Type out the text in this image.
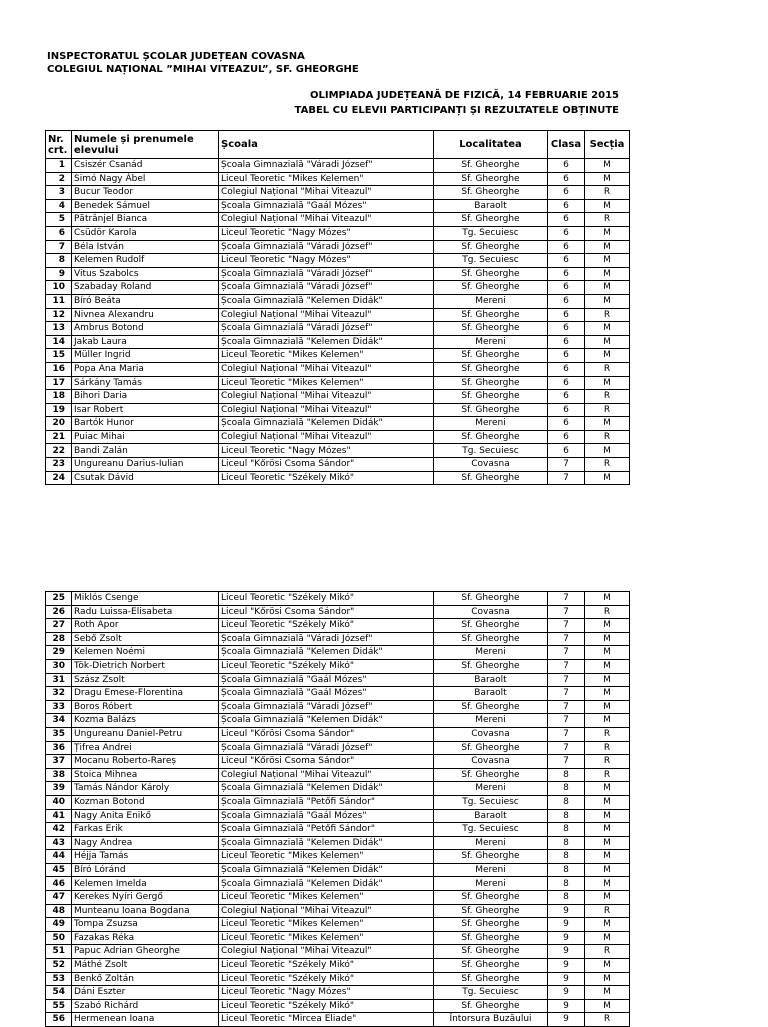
INSPECTORATUL ȘCOLAR JUDEȚEAN COVASNA
COLEGIUL NAȚIONAL ”MIHAI VITEAZUL”, SF. GHEORGHE
OLIMPIADA JUDEȚEANĂ DE FIZICĂ, 14 FEBRUARIE 2015
TABEL CU ELEVII PARTICIPANȚI ȘI REZULTATELE OBȚINUTE
Nr. crt.	Numele și prenumele elevului	Școala	Localitatea	Clasa	Secția
1	Csiszér Csanád	Școala Gimnazială "Váradi József"	Sf. Gheorghe	6	M
2	Simó Nagy Ábel	Liceul Teoretic "Mikes Kelemen"	Sf. Gheorghe	6	M
3	Bucur Teodor	Colegiul Național "Mihai Viteazul"	Sf. Gheorghe	6	R
4	Benedek Sámuel	Școala Gimnazială "Gaál Mózes"	Baraolt	6	M
5	Pătrânjel Bianca	Colegiul Național "Mihai Viteazul"	Sf. Gheorghe	6	R
6	Csüdör Karola	Liceul Teoretic "Nagy Mózes"	Tg. Secuiesc	6	M
7	Béla István	Școala Gimnazială "Váradi József"	Sf. Gheorghe	6	M
8	Kelemen Rudolf	Liceul Teoretic "Nagy Mózes"	Tg. Secuiesc	6	M
9	Vitus Szabolcs	Școala Gimnazială "Váradi József"	Sf. Gheorghe	6	M
10	Szabaday Roland	Școala Gimnazială "Váradi József"	Sf. Gheorghe	6	M
11	Bíró Beáta	Școala Gimnazială "Kelemen Didák"	Mereni	6	M
12	Nivnea Alexandru	Colegiul Național "Mihai Viteazul"	Sf. Gheorghe	6	R
13	Ambrus Botond	Școala Gimnazială "Váradi József"	Sf. Gheorghe	6	M
14	Jakab Laura	Școala Gimnazială "Kelemen Didák"	Mereni	6	M
15	Müller Ingrid	Liceul Teoretic "Mikes Kelemen"	Sf. Gheorghe	6	M
16	Popa Ana Maria	Colegiul Național "Mihai Viteazul"	Sf. Gheorghe	6	R
17	Sárkány Tamás	Liceul Teoretic "Mikes Kelemen"	Sf. Gheorghe	6	M
18	Bihori Daria	Colegiul Național "Mihai Viteazul"	Sf. Gheorghe	6	R
19	Isar Robert	Colegiul Național "Mihai Viteazul"	Sf. Gheorghe	6	R
20	Bartók Hunor	Școala Gimnazială "Kelemen Didák"	Mereni	6	M
21	Puiac Mihai	Colegiul Național "Mihai Viteazul"	Sf. Gheorghe	6	R
22	Bandi Zalán	Liceul Teoretic "Nagy Mózes"	Tg. Secuiesc	6	M
23	Ungureanu Darius-Iulian	Liceul "Kőrösi Csoma Sándor"	Covasna	7	R
24	Csutak Dávid	Liceul Teoretic "Székely Mikó"	Sf. Gheorghe	7	M
25	Miklós Csenge	Liceul Teoretic "Székely Mikó"	Sf. Gheorghe	7	M
26	Radu Luissa-Elisabeta	Liceul "Kőrösi Csoma Sándor"	Covasna	7	R
27	Roth Apor	Liceul Teoretic "Székely Mikó"	Sf. Gheorghe	7	M
28	Sebő Zsolt	Școala Gimnazială "Váradi József"	Sf. Gheorghe	7	M
29	Kelemen Noémi	Școala Gimnazială "Kelemen Didák"	Mereni	7	M
30	Tök-Dietrich Norbert	Liceul Teoretic "Székely Mikó"	Sf. Gheorghe	7	M
31	Szász Zsolt	Școala Gimnazială "Gaál Mózes"	Baraolt	7	M
32	Dragu Emese-Florentina	Școala Gimnazială "Gaál Mózes"	Baraolt	7	M
33	Boros Róbert	Școala Gimnazială "Váradi József"	Sf. Gheorghe	7	M
34	Kozma Balázs	Școala Gimnazială "Kelemen Didák"	Mereni	7	M
35	Ungureanu Daniel-Petru	Liceul "Kőrösi Csoma Sándor"	Covasna	7	R
36	Țifrea Andrei	Școala Gimnazială "Váradi József"	Sf. Gheorghe	7	R
37	Mocanu Roberto-Rareș	Liceul "Kőrösi Csoma Sándor"	Covasna	7	R
38	Stoica Mihnea	Colegiul Național "Mihai Viteazul"	Sf. Gheorghe	8	R
39	Tamás Nándor Károly	Școala Gimnazială "Kelemen Didák"	Mereni	8	M
40	Kozman Botond	Școala Gimnazială "Petőfi Sándor"	Tg. Secuiesc	8	M
41	Nagy Anita Enikő	Școala Gimnazială "Gaál Mózes"	Baraolt	8	M
42	Farkas Erik	Școala Gimnazială "Petőfi Sándor"	Tg. Secuiesc	8	M
43	Nagy Andrea	Școala Gimnazială "Kelemen Didák"	Mereni	8	M
44	Héjja Tamás	Liceul Teoretic "Mikes Kelemen"	Sf. Gheorghe	8	M
45	Bíró Lóránd	Școala Gimnazială "Kelemen Didák"	Mereni	8	M
46	Kelemen Imelda	Școala Gimnazială "Kelemen Didák"	Mereni	8	M
47	Kerekes Nyíri Gergő	Liceul Teoretic "Mikes Kelemen"	Sf. Gheorghe	8	M
48	Munteanu Ioana Bogdana	Colegiul Național "Mihai Viteazul"	Sf. Gheorghe	9	R
49	Tompa Zsuzsa	Liceul Teoretic "Mikes Kelemen"	Sf. Gheorghe	9	M
50	Fazakas Réka	Liceul Teoretic "Mikes Kelemen"	Sf. Gheorghe	9	M
51	Papuc Adrian Gheorghe	Colegiul Național "Mihai Viteazul"	Sf. Gheorghe	9	R
52	Máthé Zsolt	Liceul Teoretic "Székely Mikó"	Sf. Gheorghe	9	M
53	Benkő Zoltán	Liceul Teoretic "Székely Mikó"	Sf. Gheorghe	9	M
54	Dáni Eszter	Liceul Teoretic "Nagy Mózes"	Tg. Secuiesc	9	M
55	Szabó Richárd	Liceul Teoretic "Székely Mikó"	Sf. Gheorghe	9	M
56	Hermenean Ioana	Liceul Teoretic "Mircea Eliade"	Întorsura Buzăului	9	R
